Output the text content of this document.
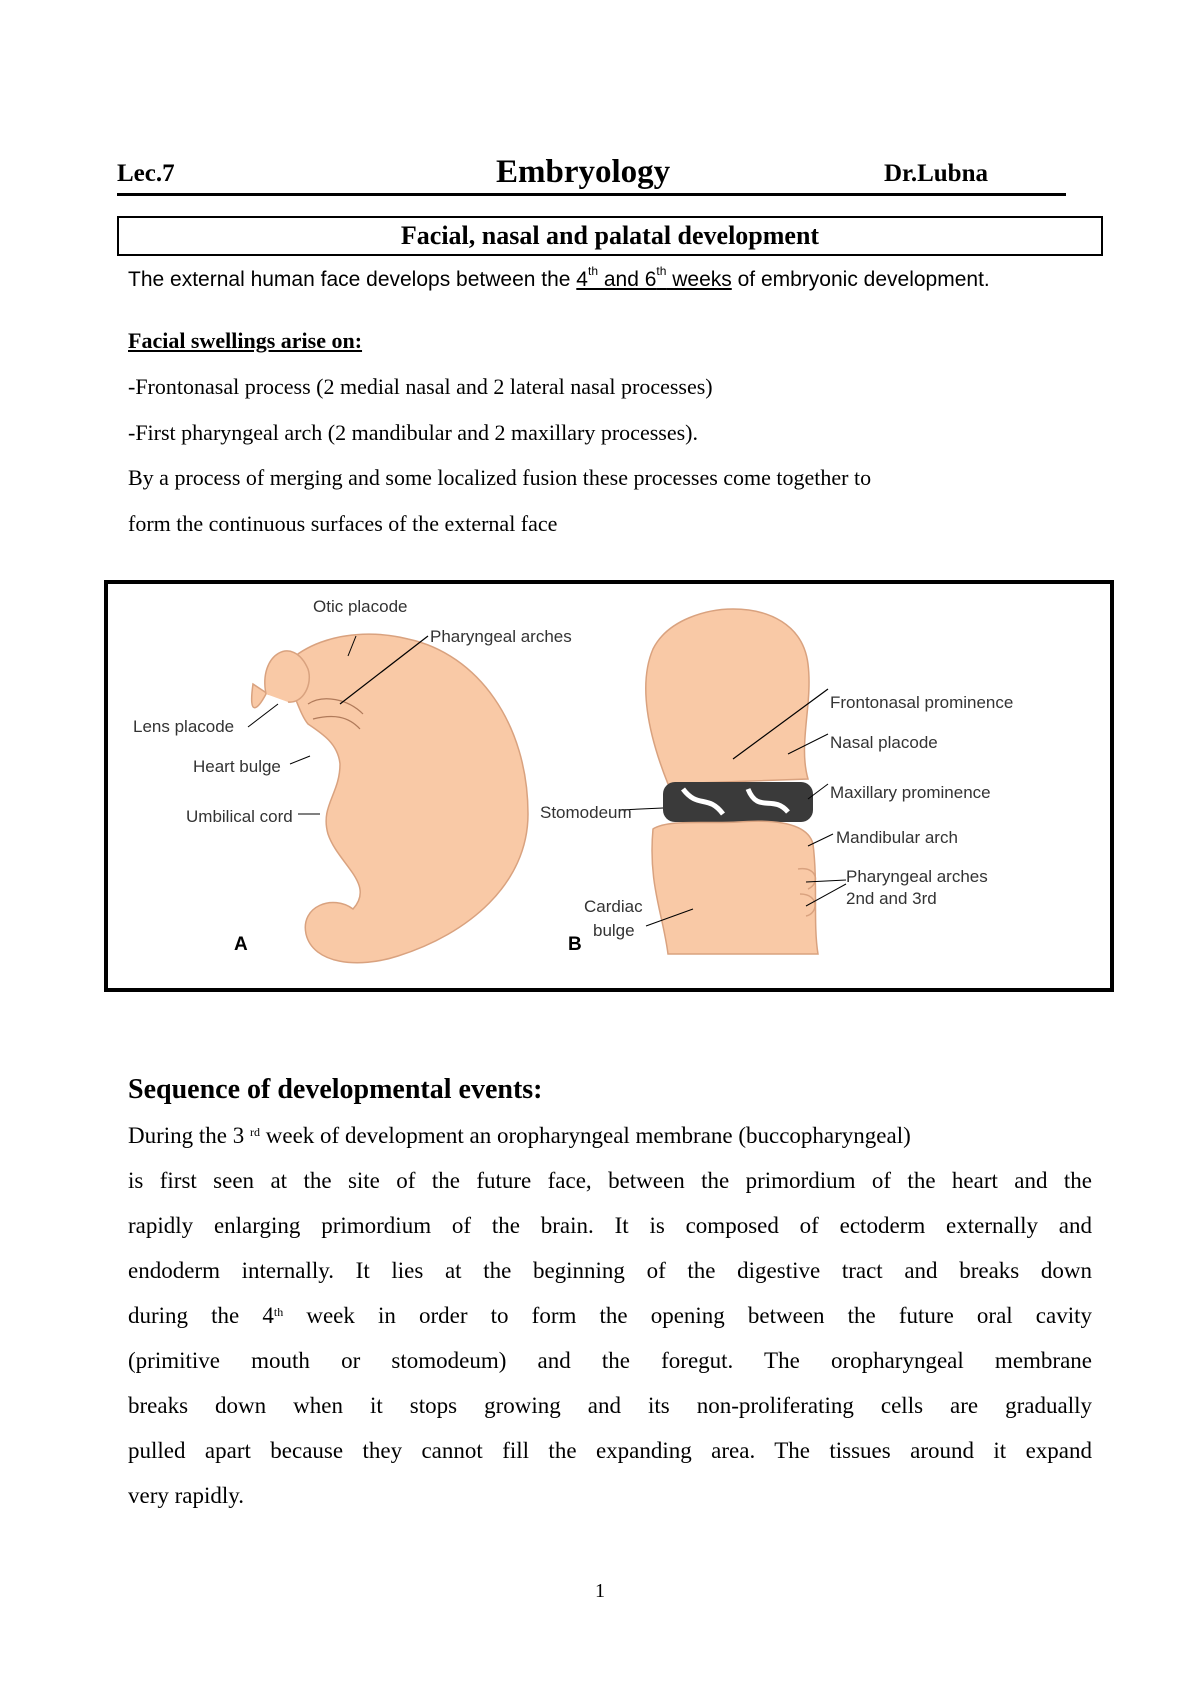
Lec.7	Embryology	Dr.Lubna
Facial, nasal and palatal development
The external human face develops between the 4th and 6th weeks of embryonic development.
Facial swellings arise on:
-Frontonasal process (2 medial nasal and 2 lateral nasal processes)
-First pharyngeal arch (2 mandibular and 2 maxillary processes).
By a process of merging and some localized fusion these processes come together to
form the continuous surfaces of the external face
Otic placode
Pharyngeal arches
Lens placode
Heart bulge
Umbilical cord
A
Frontonasal prominence
Nasal placode
Maxillary prominence
Stomodeum
Mandibular arch
Pharyngeal arches
2nd and 3rd
Cardiac
bulge
B
Sequence of developmental events:
During the 3 $^{rd}$ week of development an oropharyngeal membrane (buccopharyngeal)
is first seen at the site of the future face, between the primordium of the heart and the
rapidly enlarging primordium of the brain. It is composed of ectoderm externally and
endoderm internally. It lies at the beginning of the digestive tract and breaks down
during the 4th week in order to form the opening between the future oral cavity
(primitive mouth or stomodeum) and the foregut. The oropharyngeal membrane
breaks down when it stops growing and its non-proliferating cells are gradually
pulled apart because they cannot fill the expanding area. The tissues around it expand
very rapidly.
1
